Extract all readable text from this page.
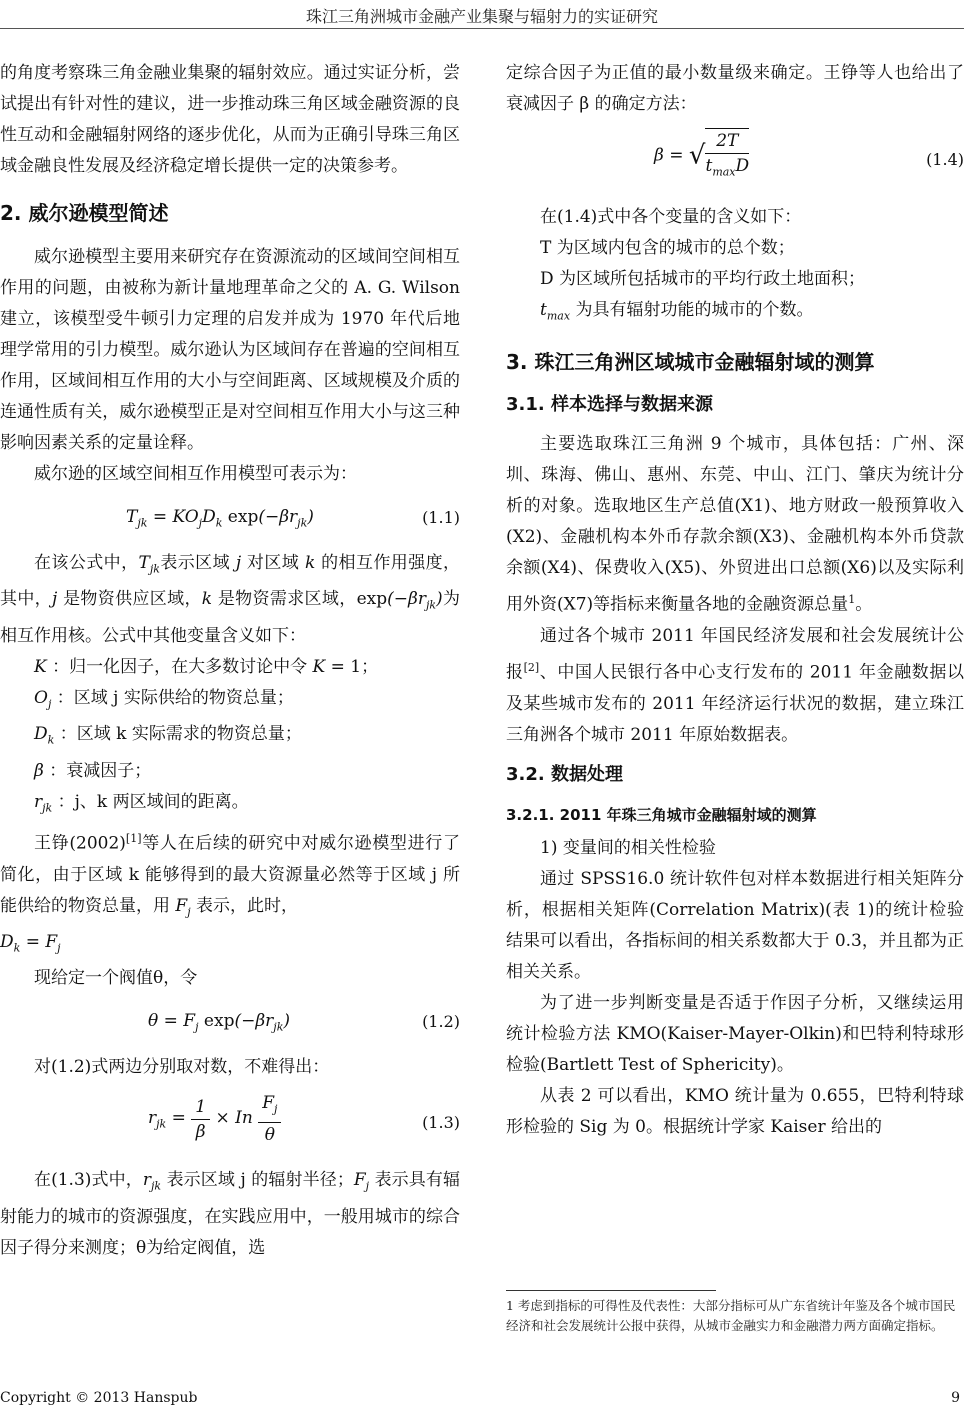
珠江三角洲城市金融产业集聚与辐射力的实证研究

的角度考察珠三角金融业集聚的辐射效应。通过实证分析，尝试提出有针对性的建议，进一步推动珠三角区域金融资源的良性互动和金融辐射网络的逐步优化，从而为正确引导珠三角区域金融良性发展及经济稳定增长提供一定的决策参考。

2. 威尔逊模型简述

威尔逊模型主要用来研究存在资源流动的区域间空间相互作用的问题，由被称为新计量地理革命之父的 A. G. Wilson 建立，该模型受牛顿引力定理的启发并成为 1970 年代后地理学常用的引力模型。威尔逊认为区域间存在普遍的空间相互作用，区域间相互作用的大小与空间距离、区域规模及介质的连通性质有关，威尔逊模型正是对空间相互作用大小与这三种影响因素关系的定量诠释。

威尔逊的区域空间相互作用模型可表示为：

$T_{jk} = KO_jD_k$ $\exp(-\beta r_{jk})$	(1.1)

在该公式中，$T_{jk}$表示区域 j 对区域 k 的相互作用强度，其中，j 是物资供应区域，k 是物资需求区域，$\exp(-\beta r_{jk})$为相互作用核。公式中其他变量含义如下：

K ：归一化因子，在大多数讨论中令 K = 1；

$O_j$ ：区域 j 实际供给的物资总量；

$D_k$ ：区域 k 实际需求的物资总量；

β ：衰减因子；

$r_{jk}$ ：j、k 两区域间的距离。

王铮(2002)[1]等人在后续的研究中对威尔逊模型进行了简化，由于区域 k 能够得到的最大资源量必然等于区域 j 所能供给的物资总量，用 $F_j$ 表示，此时，

$D_k = F_j$

现给定一个阀值θ，令

$\theta = F_j$ $\exp(-\beta r_{jk})$	(1.2)

对(1.2)式两边分别取对数，不难得出：

$r_{jk} = \frac{1}{\beta} \times In \frac{F_j}{\theta}$	(1.3)

在(1.3)式中，$r_{jk}$ 表示区域 j 的辐射半径；$F_j$ 表示具有辐射能力的城市的资源强度，在实践应用中，一般用城市的综合因子得分来测度；θ为给定阀值，选

定综合因子为正值的最小数量级来确定。王铮等人也给出了衰减因子 β 的确定方法：

β = √ $\frac{2T}{t_{max}D}$	(1.4)

在(1.4)式中各个变量的含义如下：

T 为区域内包含的城市的总个数；

D 为区域所包括城市的平均行政土地面积；

$t_{max}$ 为具有辐射功能的城市的个数。

3. 珠江三角洲区域城市金融辐射域的测算
3.1. 样本选择与数据来源

主要选取珠江三角洲 9 个城市，具体包括：广州、深圳、珠海、佛山、惠州、东莞、中山、江门、肇庆为统计分析的对象。选取地区生产总值(X1)、地方财政一般预算收入(X2)、金融机构本外币存款余额(X3)、金融机构本外币贷款余额(X4)、保费收入(X5)、外贸进出口总额(X6)以及实际利用外资(X7)等指标来衡量各地的金融资源总量$^1$。

通过各个城市 2011 年国民经济发展和社会发展统计公报[2]、中国人民银行各中心支行发布的 2011 年金融数据以及某些城市发布的 2011 年经济运行状况的数据，建立珠江三角洲各个城市 2011 年原始数据表。

3.2. 数据处理
3.2.1. 2011 年珠三角城市金融辐射域的测算

1) 变量间的相关性检验

通过 SPSS16.0 统计软件包对样本数据进行相关矩阵分析，根据相关矩阵(Correlation Matrix)(表 1)的统计检验结果可以看出，各指标间的相关系数都大于 0.3，并且都为正相关关系。

为了进一步判断变量是否适于作因子分析，又继续运用统计检验方法 KMO(Kaiser-Mayer-Olkin)和巴特利特球形检验(Bartlett Test of Sphericity)。

从表 2 可以看出，KMO 统计量为 0.655，巴特利特球形检验的 Sig 为 0。根据统计学家 Kaiser 给出的

1 考虑到指标的可得性及代表性：大部分指标可从广东省统计年鉴及各个城市国民经济和社会发展统计公报中获得，从城市金融实力和金融潜力两方面确定指标。
Copyright © 2013 Hanspub	9
